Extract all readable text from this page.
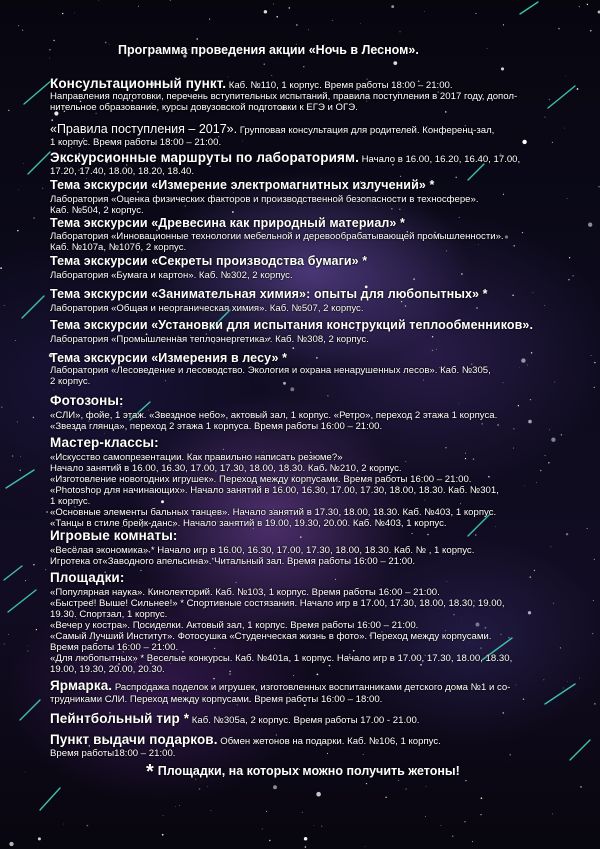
Программа проведения акции «Ночь в Лесном».
Консультационный пункт. Каб. №110, 1 корпус. Время работы 18:00 – 21:00.
Направления подготовки, перечень вступительных испытаний, правила поступления в 2017 году, допол-
нительное образование, курсы довузовской подготовки к ЕГЭ и ОГЭ.
«Правила поступления – 2017». Групповая консультация для родителей. Конференц-зал,
1 корпус. Время работы 18:00 – 21:00.
Экскурсионные маршруты по лабораториям. Начало в 16.00, 16.20, 16.40, 17.00,
17.20, 17.40, 18.00, 18.20, 18.40.
Тема экскурсии «Измерение электромагнитных излучений» *
Лаборатория «Оценка физических факторов и производственной безопасности в техносфере».
Каб. №504, 2 корпус.
Тема экскурсии «Древесина как природный материал» *
Лаборатория «Инновационные технологии мебельной и деревообрабатывающей промышленности».
Каб. №107а, №107б, 2 корпус.
Тема экскурсии «Секреты производства бумаги» *
Лаборатория «Бумага и картон». Каб. №302, 2 корпус.
Тема экскурсии «Занимательная химия»: опыты для любопытных» *
Лаборатория «Общая и неорганическая химия». Каб. №507, 2 корпус.
Тема экскурсии «Установки для испытания конструкций теплообменников».
Лаборатория «Промышленная теплоэнергетика». Каб. №308, 2 корпус.
Тема экскурсии «Измерения в лесу» *
Лаборатория «Лесоведение и лесоводство. Экология и охрана ненарушенных лесов». Каб. №305,
2 корпус.
Фотозоны:
«СЛИ», фойе, 1 этаж. «Звездное небо», актовый зал, 1 корпус. «Ретро», переход 2 этажа 1 корпуса.
«Звезда глянца», переход 2 этажа 1 корпуса. Время работы 16:00 – 21:00.
Мастер-классы:
«Искусство самопрезентации. Как правильно написать резюме?»
Начало занятий в 16.00, 16.30, 17.00, 17.30, 18.00, 18.30. Каб. №210, 2 корпус.
«Изготовление новогодних игрушек». Переход между корпусами. Время работы 16:00 – 21:00.
«Photoshop для начинающих». Начало занятий в 16.00, 16.30, 17.00, 17.30, 18.00, 18.30. Каб. №301,
1 корпус.
«Основные элементы бальных танцев». Начало занятий в 17.30, 18.00, 18.30. Каб. №403, 1 корпус.
«Танцы в стиле брейк-данс». Начало занятий в 19.00, 19.30, 20.00. Каб. №403, 1 корпус.
Игровые комнаты:
«Весёлая экономика» * Начало игр в 16.00, 16.30, 17.00, 17.30, 18.00, 18.30. Каб. № , 1 корпус.
Игротека от«Заводного апельсина». Читальный зал. Время работы 16:00 – 21:00.
Площадки:
«Популярная наука». Кинолекторий. Каб. №103, 1 корпус. Время работы 16:00 – 21:00.
«Быстрее! Выше! Сильнее!» * Спортивные состязания. Начало игр в 17.00, 17.30, 18.00, 18.30, 19.00,
19.30. Спортзал, 1 корпус.
«Вечер у костра». Посиделки. Актовый зал, 1 корпус. Время работы 16:00 – 21:00.
«Самый Лучший Институт». Фотосушка «Студенческая жизнь в фото». Переход между корпусами.
Время работы 16:00 – 21:00.
«Для любопытных» * Веселые конкурсы. Каб. №401а, 1 корпус. Начало игр в 17.00, 17.30, 18.00, 18.30,
19.00, 19.30, 20.00, 20.30.
Ярмарка. Распродажа поделок и игрушек, изготовленных воспитанниками детского дома №1 и со-
трудниками СЛИ. Переход между корпусами. Время работы 16:00 – 18:00.
Пейнтбольный тир * Каб. №305а, 2 корпус. Время работы 17.00 - 21.00.
Пункт выдачи подарков. Обмен жетонов на подарки. Каб. №106, 1 корпус.
Время работы18:00 – 21:00.
* Площадки, на которых можно получить жетоны!
